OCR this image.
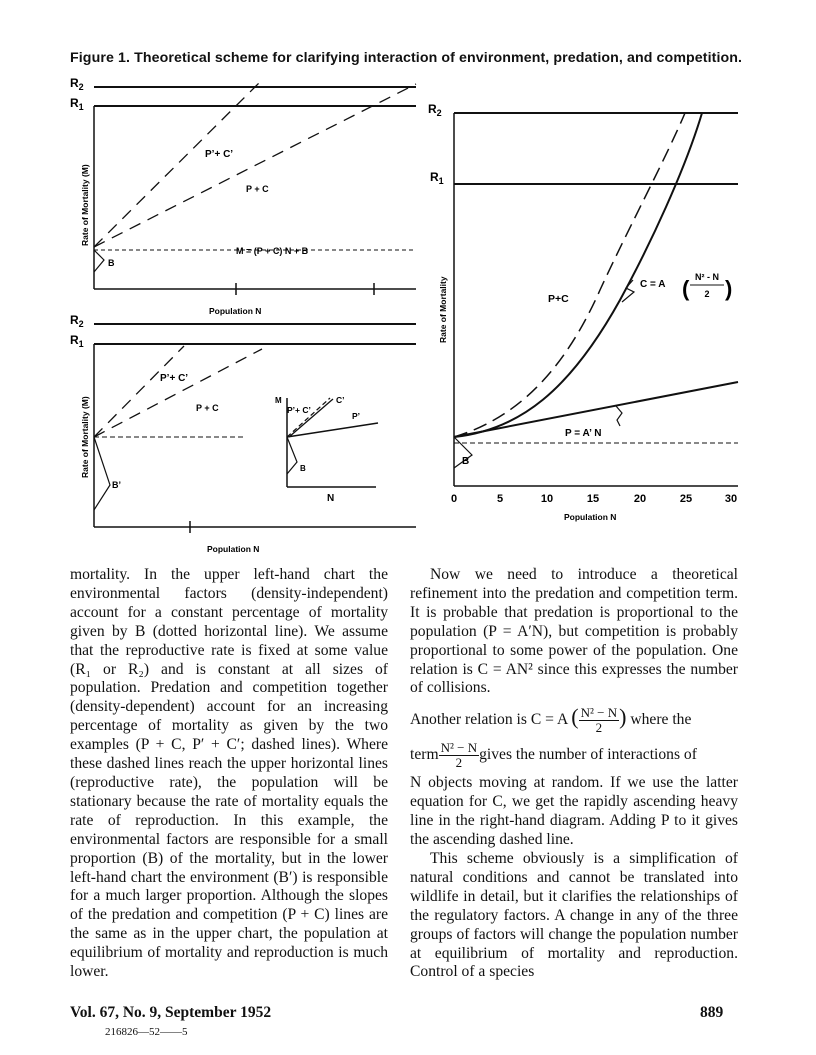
Figure 1. Theoretical scheme for clarifying interaction of environment, predation, and competition.
$R_2$
$R_1$
Rate of Mortality (M)
P’+ C’
P + C
M = (P + C) N + B
B
Population N
$R_2$
$R_1$
Rate of Mortality (M)
P’+ C’
P + C
B’
Population N
M
P’+ C’
C’
P’
B
N
$R_2$
$R_1$
Rate of Mortality	P+C
C = A ( N² - N
2 )
P = A’ N
B
0	5	10	15	20	25	30
Population N

mortality. In the upper left-hand chart the environmental factors (density-independent) account for a constant percentage of mortality given by B (dotted horizontal line). We assume that the reproductive rate is fixed at some value (R₁ or R₂) and is constant at all sizes of population. Predation and competition together (density-dependent) account for an increasing percentage of mortality as given by the two examples (P + C, P′ + C′; dashed lines). Where these dashed lines reach the upper horizontal lines (reproductive rate), the population will be stationary because the rate of mortality equals the rate of reproduction. In this example, the environmental factors are responsible for a small proportion (B) of the mortality, but in the lower left-hand chart the environment (B′) is responsible for a much larger proportion. Although the slopes of the predation and competition (P + C) lines are the same as in the upper chart, the population at equilibrium of mortality and reproduction is much lower.

Now we need to introduce a theoretical refinement into the predation and competition term. It is probable that predation is proportional to the population (P = A′N), but competition is probably proportional to some power of the population. One relation is C = AN² since this expresses the number of collisions.

Another relation is C = A ( $\frac{\text{N² − N}}{2}$ ) where the
term $\frac{\text{N² − N}}{2}$ gives the number of interactions of

N objects moving at random. If we use the latter equation for C, we get the rapidly ascending heavy line in the right-hand diagram. Adding P to it gives the ascending dashed line.

This scheme obviously is a simplification of natural conditions and cannot be translated into wildlife in detail, but it clarifies the relationships of the regulatory factors. A change in any of the three groups of factors will change the population number at equilibrium of mortality and reproduction. Control of a species

Vol. 67, No. 9, September 1952	889
216826—52——5
